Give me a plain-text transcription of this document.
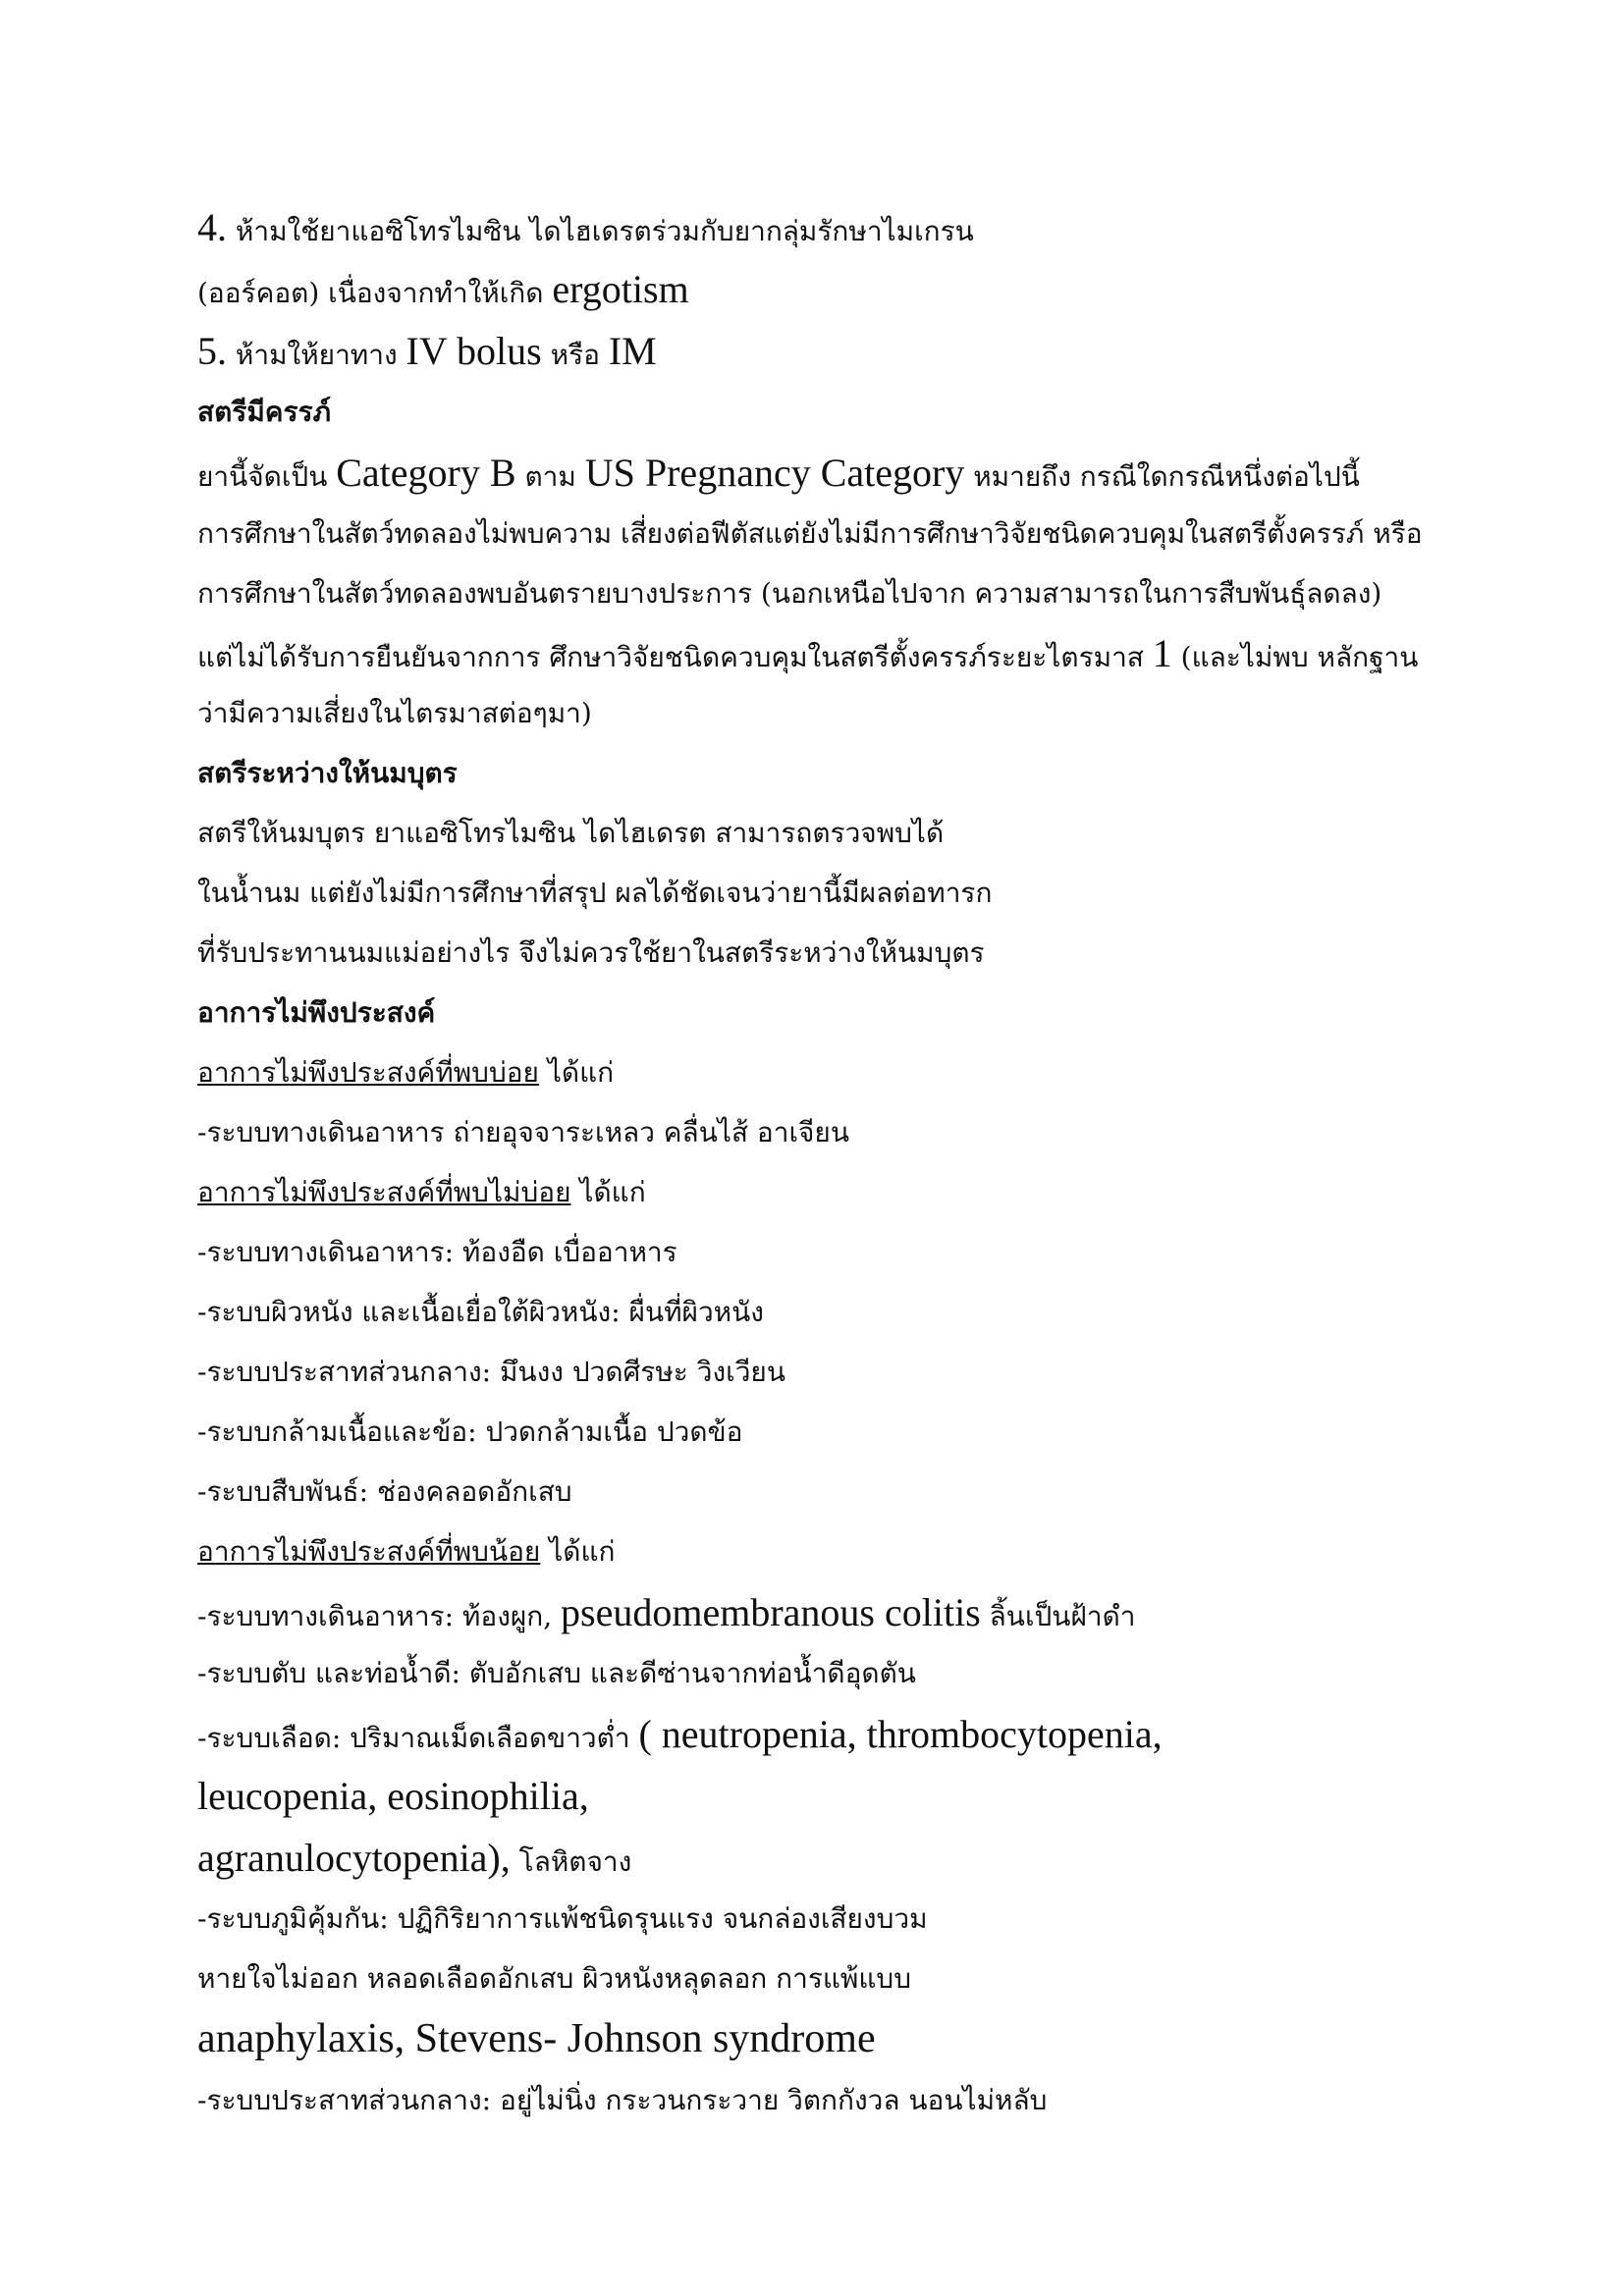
4. ห้ามใช้ยาแอซิโทรไมซิน ไดไฮเดรตร่วมกับยากลุ่มรักษาไมเกรน
(ออร์คอต) เนื่องจากทำให้เกิด ergotism
5. ห้ามให้ยาทาง IV bolus หรือ IM
สตรีมีครรภ์
ยานี้จัดเป็น Category B ตาม US Pregnancy Category หมายถึง กรณีใดกรณีหนึ่งต่อไปนี้
การศึกษาในสัตว์ทดลองไม่พบความ เสี่ยงต่อฟีตัสแต่ยังไม่มีการศึกษาวิจัยชนิดควบคุมในสตรีตั้งครรภ์ หรือ
การศึกษาในสัตว์ทดลองพบอันตรายบางประการ (นอกเหนือไปจาก ความสามารถในการสืบพันธุ์ลดลง)
แต่ไม่ได้รับการยืนยันจากการ ศึกษาวิจัยชนิดควบคุมในสตรีตั้งครรภ์ระยะไตรมาส 1 (และไม่พบ หลักฐาน
ว่ามีความเสี่ยงในไตรมาสต่อๆมา)
สตรีระหว่างให้นมบุตร
สตรีให้นมบุตร ยาแอซิโทรไมซิน ไดไฮเดรต สามารถตรวจพบได้
ในน้ำนม แต่ยังไม่มีการศึกษาที่สรุป ผลได้ชัดเจนว่ายานี้มีผลต่อทารก
ที่รับประทานนมแม่อย่างไร จึงไม่ควรใช้ยาในสตรีระหว่างให้นมบุตร
อาการไม่พึงประสงค์
อาการไม่พึงประสงค์ที่พบบ่อย ได้แก่
-ระบบทางเดินอาหาร ถ่ายอุจจาระเหลว คลื่นไส้ อาเจียน
อาการไม่พึงประสงค์ที่พบไม่บ่อย ได้แก่
-ระบบทางเดินอาหาร: ท้องอืด เบื่ออาหาร
-ระบบผิวหนัง และเนื้อเยื่อใต้ผิวหนัง: ผื่นที่ผิวหนัง
-ระบบประสาทส่วนกลาง: มึนงง ปวดศีรษะ วิงเวียน
-ระบบกล้ามเนื้อและข้อ: ปวดกล้ามเนื้อ ปวดข้อ
-ระบบสืบพันธ์: ช่องคลอดอักเสบ
อาการไม่พึงประสงค์ที่พบน้อย ได้แก่
-ระบบทางเดินอาหาร: ท้องผูก, pseudomembranous colitis ลิ้นเป็นฝ้าดำ
-ระบบตับ และท่อน้ำดี: ตับอักเสบ และดีซ่านจากท่อน้ำดีอุดตัน
-ระบบเลือด: ปริมาณเม็ดเลือดขาวต่ำ ( neutropenia, thrombocytopenia,
leucopenia, eosinophilia,
agranulocytopenia), โลหิตจาง
-ระบบภูมิคุ้มกัน: ปฏิกิริยาการแพ้ชนิดรุนแรง จนกล่องเสียงบวม
หายใจไม่ออก หลอดเลือดอักเสบ ผิวหนังหลุดลอก การแพ้แบบ
anaphylaxis, Stevens- Johnson syndrome
-ระบบประสาทส่วนกลาง: อยู่ไม่นิ่ง กระวนกระวาย วิตกกังวล นอนไม่หลับ
